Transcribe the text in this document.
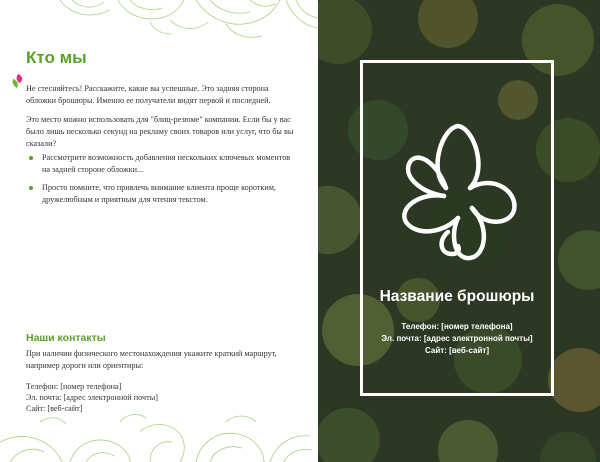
Кто мы

Не стесняйтесь! Расскажите, какие вы успешные. Это задняя сторона обложки брошюры. Именно ее получатели видят первой и последней.

Это место можно использовать для "блиц-резюме" компании. Если бы у вас было лишь несколько секунд на рекламу своих товаров или услуг, что бы вы сказали?

Рассмотрите возможность добавления нескольких ключевых моментов на задней стороне обложки...
Просто помните, что привлечь внимание клиента проще коротким, дружелюбным и приятным для чтения текстом.
Наши контакты

При наличии физического местонахождения укажите краткий маршрут, например дороги или ориентиры:

Телефон: [номер телефона]

Эл. почта: [адрес электронной почты]

Сайт: [веб-сайт]

Название брошюры

Телефон: [номер телефона]

Эл. почта: [адрес электронной почты]

Сайт: [веб-сайт]
